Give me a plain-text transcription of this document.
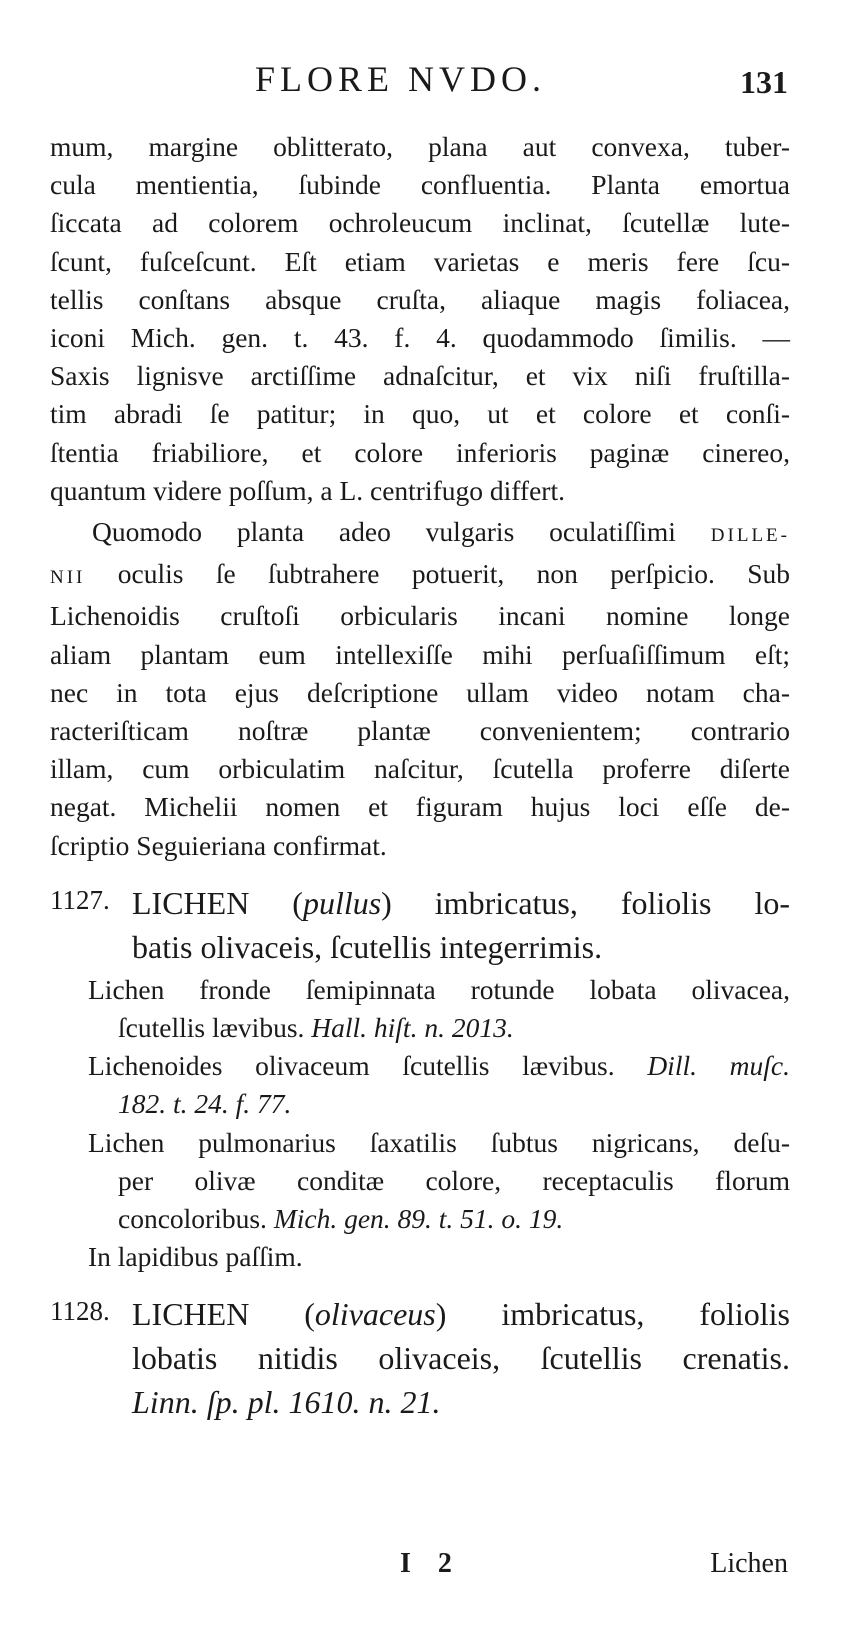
FLORE NVDO.	131
mum, margine oblitterato, plana aut convexa, tuber-
cula mentientia, ſubinde confluentia. Planta emortua
ſiccata ad colorem ochroleucum inclinat, ſcutellæ lute-
ſcunt, fuſceſcunt. Eſt etiam varietas e meris fere ſcu-
tellis conſtans absque cruſta, aliaque magis foliacea,
iconi Mich. gen. t. 43. f. 4. quodammodo ſimilis. —
Saxis lignisve arctiſſime adnaſcitur, et vix niſi fruſtilla-
tim abradi ſe patitur; in quo, ut et colore et conſi-
ſtentia friabiliore, et colore inferioris paginæ cinereo,
quantum videre poſſum, a L. centrifugo differt.
Quomodo planta adeo vulgaris oculatiſſimi DILLE-
NII oculis ſe ſubtrahere potuerit, non perſpicio. Sub
Lichenoidis cruſtoſi orbicularis incani nomine longe
aliam plantam eum intellexiſſe mihi perſuaſiſſimum eſt;
nec in tota ejus deſcriptione ullam video notam cha-
racteriſticam noſtræ plantæ convenientem; contrario
illam, cum orbiculatim naſcitur, ſcutella proferre diſerte
negat. Michelii nomen et figuram hujus loci eſſe de-
ſcriptio Seguieriana confirmat.
1127. LICHEN (pullus) imbricatus, foliolis lo-
batis olivaceis, ſcutellis integerrimis.
Lichen fronde ſemipinnata rotunde lobata olivacea,
ſcutellis lævibus. Hall. hiſt. n. 2013.
Lichenoides olivaceum ſcutellis lævibus. Dill. muſc.
182. t. 24. f. 77.
Lichen pulmonarius ſaxatilis ſubtus nigricans, deſu-
per olivæ conditæ colore, receptaculis florum
concoloribus. Mich. gen. 89. t. 51. o. 19.
In lapidibus paſſim.
1128. LICHEN (olivaceus) imbricatus, foliolis
lobatis nitidis olivaceis, ſcutellis crenatis.
Linn. ſp. pl. 1610. n. 21.
I 2	Lichen
